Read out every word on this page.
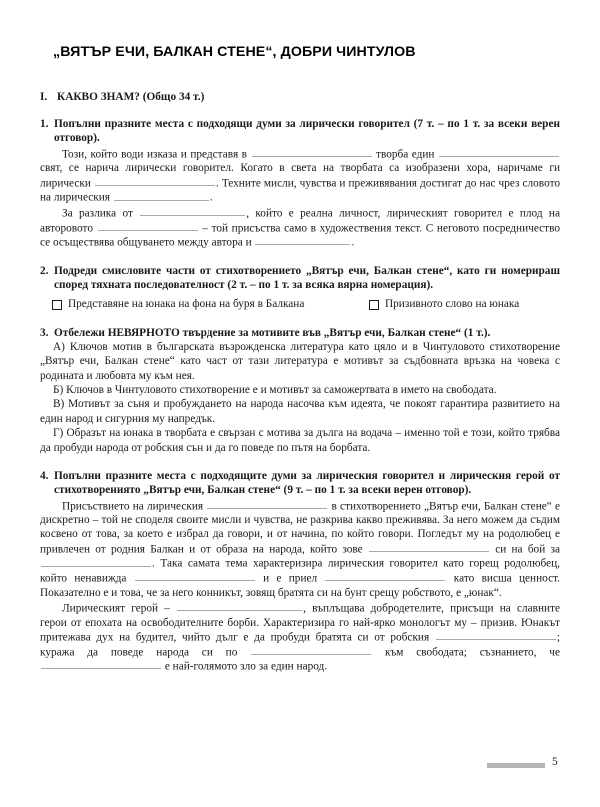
„ВЯТЪР ЕЧИ, БАЛКАН СТЕНЕ“, ДОБРИ ЧИНТУЛОВ
I. КАКВО ЗНАМ? (Общо 34 т.)
1. Попълни празните места с подходящи думи за лирически говорител (7 т. – по 1 т. за всеки верен отговор).

Този, който води изказа и представя в	творба един  свят, се нарича лирически говорител. Когато в света на творбата са изобразени хора, наричаме ги лирически	. Техните мисли, чувства и преживявания достигат до нас чрез словото на лирическия	.

За разлика от	, който е реална личност, лирическият говорител е плод на авторовото	– той присъства само в художествения текст. С неговото посредничество се осъществява общуването между автора и	.

2. Подреди смисловите части от стихотворението „Вятър ечи, Балкан стене“, като ги номерираш според тяхната последователност (2 т. – по 1 т. за всяка вярна номерация).
Представяне на юнака на фона на буря в Балкана	Призивното слово на юнака
3. Отбележи НЕВЯРНОТО твърдение за мотивите във „Вятър ечи, Балкан стене“ (1 т.).

А) Ключов мотив в българската възрожденска литература като цяло и в Чинтуловото стихотворение „Вятър ечи, Балкан стене“ като част от тази литература е мотивът за съдбовната връзка на човека с родината и любовта му към нея.

Б) Ключов в Чинтуловото стихотворение е и мотивът за саможертвата в името на свободата.

В) Мотивът за съня и пробуждането на народа насочва към идеята, че покоят гарантира развитието на един народ и сигурния му напредък.

Г) Образът на юнака в творбата е свързан с мотива за дълга на водача – именно той е този, който трябва да пробуди народа от робския сън и да го поведе по пътя на борбата.

4. Попълни празните места с подходящите думи за лирическия говорител и лирическия герой от стихотворениято „Вятър ечи, Балкан стене“ (9 т. – по 1 т. за всеки верен отговор).

Присъствието на лирическия	в стихотворението „Вятър ечи, Балкан стене“ е дискретно – той не споделя своите мисли и чувства, не разкрива какво преживява. За него можем да съдим косвено от това, за което е избрал да говори, и от начина, по който говори. Погледът му на родолюбец е привлечен от родния Балкан и от образа на народа, който зове	си на бой за . Така самата тема характеризира лирическия говорител като горещ родолюбец, който ненавижда	и е приел	като висша ценност. Показателно е и това, че за него конникът, зовящ братята си на бунт срещу робството, е „юнак“.

Лирическият герой –	, въплъщава добродетелите, присъщи на славните герои от епохата на освободителните борби. Характеризира го най-ярко монологът му – призив. Юнакът притежава дух на будител, чийто дълг е да пробуди братята си от робския	; куража да поведе народа си по	към свободата; съзнанието, че  е най-голямото зло за един народ.

5
